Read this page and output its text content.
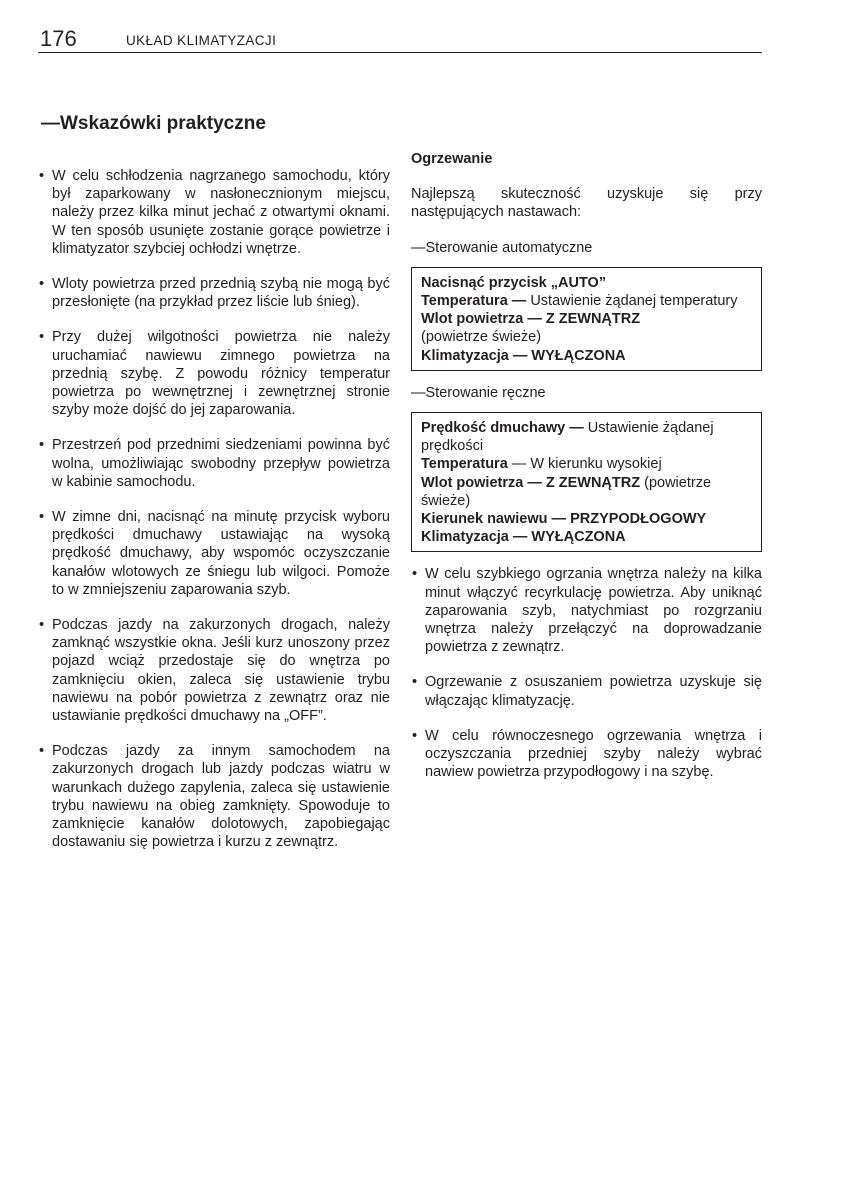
176	UKŁAD KLIMATYZACJI
—Wskazówki praktyczne

• W celu schłodzenia nagrzanego samochodu, który był zaparkowany w nasłonecznionym miejscu, należy przez kilka minut jechać z otwartymi oknami. W ten sposób usunięte zostanie gorące powietrze i klimatyzator szybciej ochłodzi wnętrze.

• Wloty powietrza przed przednią szybą nie mogą być przesłonięte (na przykład przez liście lub śnieg).

• Przy dużej wilgotności powietrza nie należy uruchamiać nawiewu zimnego powietrza na przednią szybę. Z powodu różnicy temperatur powietrza po wewnętrznej i zewnętrznej stronie szyby może dojść do jej zaparowania.

• Przestrzeń pod przednimi siedzeniami powinna być wolna, umożliwiając swobodny przepływ powietrza w kabinie samochodu.

• W zimne dni, nacisnąć na minutę przycisk wyboru prędkości dmuchawy ustawiając na wysoką prędkość dmuchawy, aby wspomóc oczyszczanie kanałów wlotowych ze śniegu lub wilgoci. Pomoże to w zmniejszeniu zaparowania szyb.

• Podczas jazdy na zakurzonych drogach, należy zamknąć wszystkie okna. Jeśli kurz unoszony przez pojazd wciąż przedostaje się do wnętrza po zamknięciu okien, zaleca się ustawienie trybu nawiewu na pobór powietrza z zewnątrz oraz nie ustawianie prędkości dmuchawy na „OFF”.

• Podczas jazdy za innym samochodem na zakurzonych drogach lub jazdy podczas wiatru w warunkach dużego zapylenia, zaleca się ustawienie trybu nawiewu na obieg zamknięty. Spowoduje to zamknięcie kanałów dolotowych, zapobiegając dostawaniu się powietrza i kurzu z zewnątrz.

Ogrzewanie

Najlepszą skuteczność uzyskuje się przy następujących nastawach:

—Sterowanie automatyczne

Nacisnąć przycisk „AUTO”

Temperatura — Ustawienie żądanej temperatury

Wlot powietrza — Z ZEWNĄTRZ
(powietrze świeże)

Klimatyzacja — WYŁĄCZONA

—Sterowanie ręczne

Prędkość dmuchawy — Ustawienie żądanej prędkości

Temperatura — W kierunku wysokiej

Wlot powietrza — Z ZEWNĄTRZ (powietrze świeże)

Kierunek nawiewu — PRZYPODŁOGOWY

Klimatyzacja — WYŁĄCZONA

• W celu szybkiego ogrzania wnętrza należy na kilka minut włączyć recyrkulację powietrza. Aby uniknąć zaparowania szyb, natychmiast po rozgrzaniu wnętrza należy przełączyć na doprowadzanie powietrza z zewnątrz.

• Ogrzewanie z osuszaniem powietrza uzyskuje się włączając klimatyzację.

• W celu równoczesnego ogrzewania wnętrza i oczyszczania przedniej szyby należy wybrać nawiew powietrza przypodłogowy i na szybę.
